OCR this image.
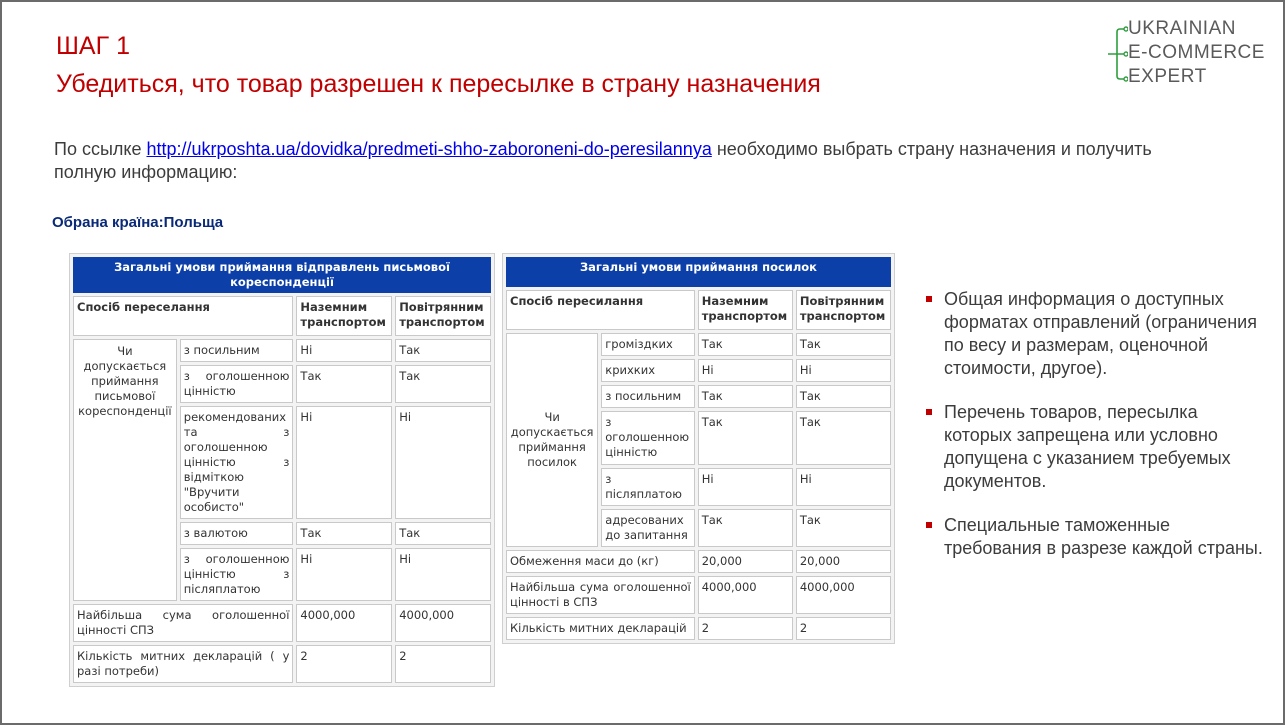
ШАГ 1
Убедиться, что товар разрешен к пересылке в страну назначения
UKRAINIAN
E-COMMERCE
EXPERT
По ссылке http://ukrposhta.ua/dovidka/predmeti-shho-zaboroneni-do-peresilannya необходимо выбрать страну назначения и получить полную информацию:
Обрана країна:Польща
Загальні умови приймання відправлень письмової кореспонденції			
Спосіб переселання		Наземним транспортом	Повітрянним транспортом
Чи допускається приймання письмової кореспонденції	з посильним	Ні	Так
	з оголошенною цінністю	Так	Так
	рекомендованих та з оголошенною цінністю з відміткою "Вручити особисто"	Ні	Ні
	з валютою	Так	Так
	з оголошенною цінністю з післяплатою	Ні	Ні
Найбільша сума оголошенної цінності СПЗ		4000,000	4000,000
Кількість митних декларацій ( у разі потреби)		2	2
Загальні умови приймання посилок			
Спосіб пересилання		Наземним транспортом	Повітрянним транспортом
Чи допускається приймання посилок	громіздких	Так	Так
	крихких	Ні	Ні
	з посильним	Так	Так
	з оголошенною цінністю	Так	Так
	з післяплатою	Ні	Ні
	адресованих до запитання	Так	Так
Обмеження маси до (кг)		20,000	20,000
Найбільша сума оголошенної цінності в СПЗ		4000,000	4000,000
Кількість митних декларацій		2	2
Общая информация о доступных форматах отправлений (ограничения по весу и размерам, оценочной стоимости, другое).
Перечень товаров, пересылка которых запрещена или условно допущена с указанием требуемых документов.
Специальные таможенные требования в разрезе каждой страны.
